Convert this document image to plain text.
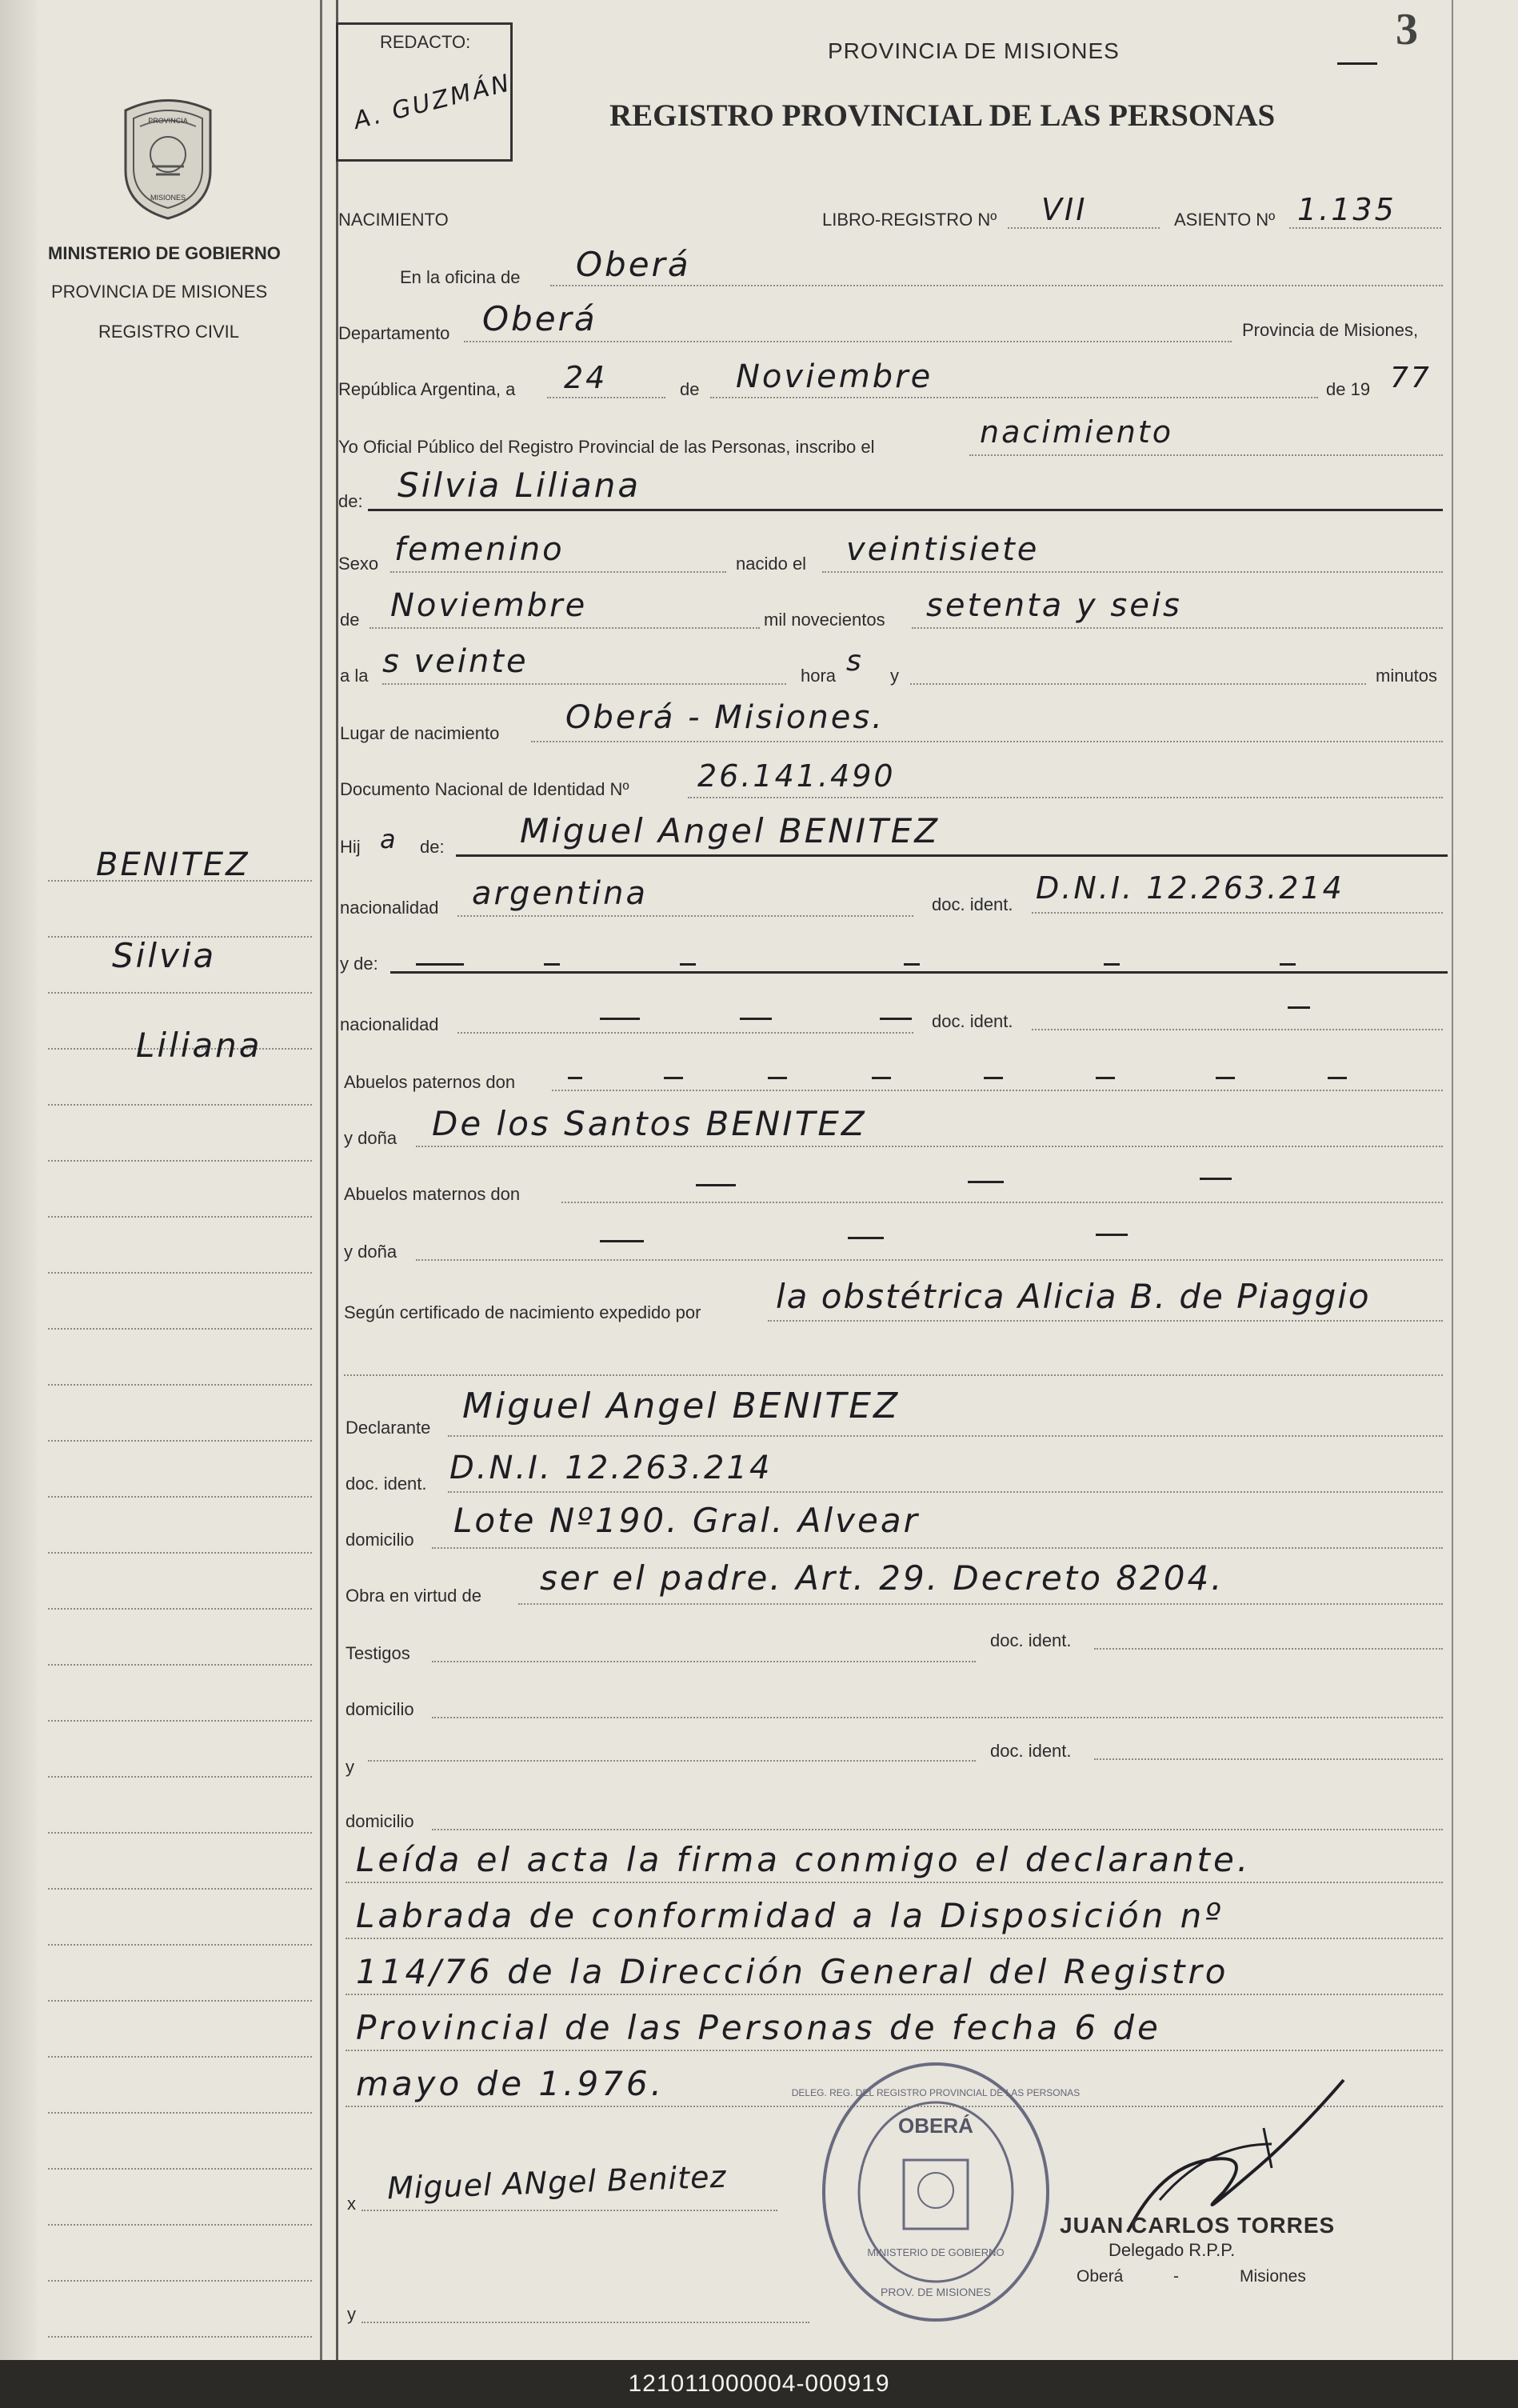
PROVINCIA
MISIONES
MINISTERIO DE GOBIERNO
PROVINCIA DE MISIONES
REGISTRO CIVIL
BENITEZ
Silvia
Liliana
REDACTO:
A. GUZMÁN
PROVINCIA DE MISIONES
REGISTRO PROVINCIAL DE LAS PERSONAS
3
NACIMIENTO	LIBRO-REGISTRO Nº VII	ASIENTO Nº 1.135
En la oficina de Oberá
Departamento Oberá	Provincia de Misiones,
República Argentina, a 24	de Noviembre	de 19 77
Yo Oficial Público del Registro Provincial de las Personas, inscribo el	nacimiento
de: Silvia Liliana
Sexo femenino	nacido el veintisiete
de Noviembre	mil novecientos setenta y seis
a la s veinte	hora s y	minutos
Lugar de nacimiento Oberá - Misiones.
Documento Nacional de Identidad Nº 26.141.490
Hij a de: Miguel Angel BENITEZ
nacionalidad argentina	doc. ident. D.N.I. 12.263.214
y de:
nacionalidad	doc. ident.
Abuelos paternos don
y doña De los Santos BENITEZ
Abuelos maternos don
y doña
Según certificado de nacimiento expedido por la obstétrica Alicia B. de Piaggio
Declarante
Miguel Angel BENITEZ
doc. ident. D.N.I. 12.263.214
domicilio Lote Nº190. Gral. Alvear
Obra en virtud de ser el padre. Art. 29. Decreto 8204.
Testigos
doc. ident.
domicilio
y
doc. ident.
domicilio
Leída el acta la firma conmigo el declarante.
Labrada de conformidad a la Disposición nº
114/76 de la Dirección General del Registro
Provincial de las Personas de fecha 6 de
mayo de 1.976.
x Miguel ANgel Benitez
y
OBERÁ
DELEG. REG. DEL REGISTRO PROVINCIAL DE LAS PERSONAS
MINISTERIO DE GOBIERNO
PROV. DE MISIONES
JUAN CARLOS TORRES
Delegado R.P.P.
Oberá	-	Misiones
121011000004-000919
